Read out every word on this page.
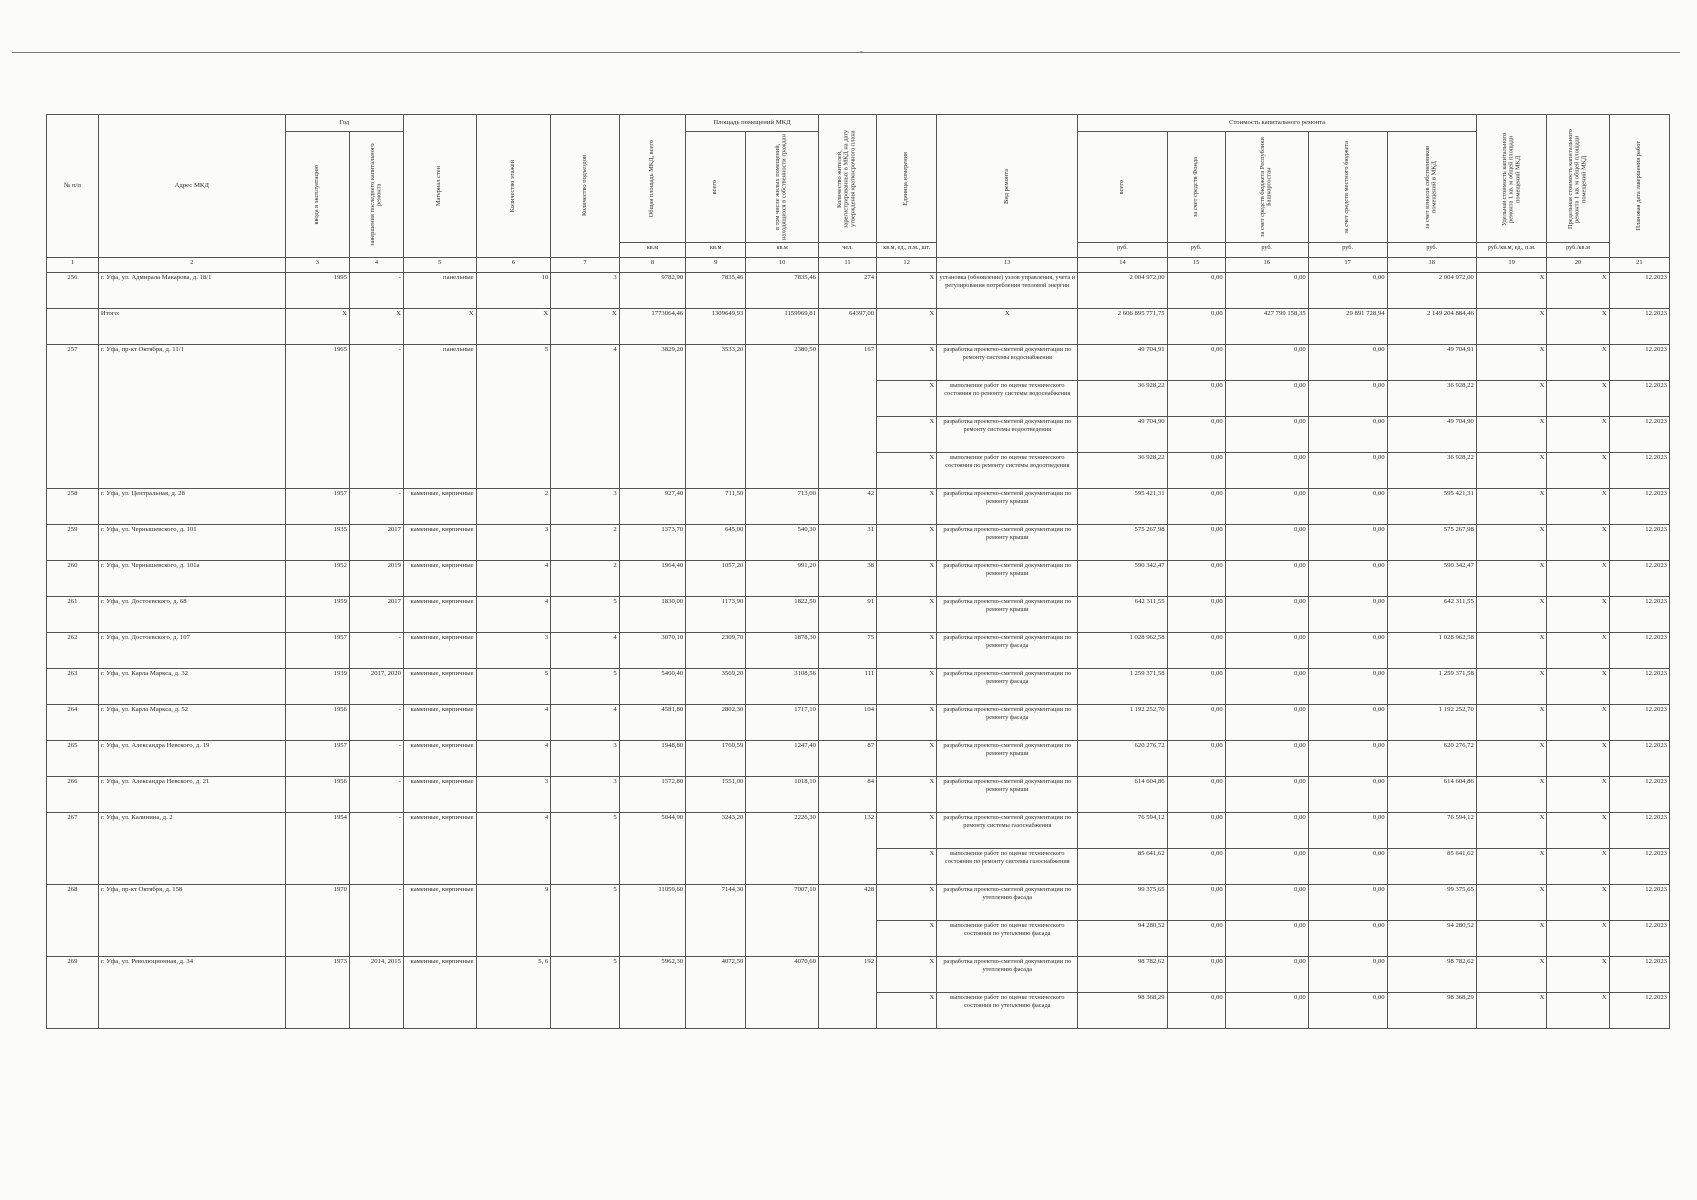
-
№ п/п	Адрес МКД	Год		Материал стен	Количество этажей	Количество подъездов	Общая площадь МКД, всего	Площадь помещений МКД		Количество жителей, зарегистрированных в МКД на дату утверждения краткосрочного плана	Единица измерения	Вид ремонта	Стоимость капитального ремонта					Удельная стоимость капитального ремонта 1 кв. м общей площади помещений МКД	Предельная стоимость капитального ремонта 1 кв. м общей площади помещений МКД	Плановая дата завершения работ

		ввода в эксплуатацию	завершения последнего капитального ремонта					всего	в том числе жилых помещений, находящихся в собственности граждан				всего	за счет средств Фонда	за счет средств бюджета Республики Башкортостан	за счет средств местного бюджета	за счет взносов собственников помещений в МКД			

							кв.м	кв.м	кв.м	чел.	кв.м, ед., п.м., шт.		руб.	руб.	руб.	руб.	руб.	руб./кв.м, ед., п.м.	руб./кв.м	
1	2	3	4	5	6	7	8	9	10	11	12	13	14	15	16	17	18	19	20	21
256	г. Уфа, ул. Адмирала Макарова, д. 18/1	1995	-	панельные	10	3	9782,90	7835,46	7835,46	274	X	установка (обновление) узлов управления, учета и регулирования потребления тепловой энергии	2 004 972,00	0,00	0,00	0,00	2 004 972,00	X	X	12.2023
	Итого:	X	X	X	X	X	1773064,46	1309649,93	1159969,81	64397,00	X	X	2 606 895 771,75	0,00	427 799 158,35	29 891 728,94	2 149 204 884,46	X	X	12.2023
257	г. Уфа, пр-кт Октября, д. 11/1	1965	-	панельные	5	4	3829,20	3533,20	2380,50	167	X	разработка проектно-сметной документации по ремонту системы водоснабжения	49 704,91	0,00	0,00	0,00	49 704,91	X	X	12.2023
											X	выполнение работ по оценке технического состояния по ремонту системы водоснабжения	36 928,22	0,00	0,00	0,00	36 928,22	X	X	12.2023
											X	разработка проектно-сметной документации по ремонту системы водоотведения	49 704,90	0,00	0,00	0,00	49 704,90	X	X	12.2023
											X	выполнение работ по оценке технического состояния по ремонту системы водоотведения	36 928,22	0,00	0,00	0,00	36 928,22	X	X	12.2023
258	г. Уфа, ул. Центральная, д. 28	1957	-	каменные, кирпичные	2	3	927,40	711,50	713,00	42	X	разработка проектно-сметной документации по ремонту крыши	595 421,31	0,00	0,00	0,00	595 421,31	X	X	12.2023
259	г. Уфа, ул. Чернышевского, д. 101	1935	2017	каменные, кирпичные	3	2	1373,70	645,00	540,30	31	X	разработка проектно-сметной документации по ремонту крыши	575 267,98	0,00	0,00	0,00	575 267,98	X	X	12.2023
260	г. Уфа, ул. Чернышевского, д. 101а	1952	2019	каменные, кирпичные	4	2	1964,40	1057,20	991,20	38	X	разработка проектно-сметной документации по ремонту крыши	590 342,47	0,00	0,00	0,00	590 342,47	X	X	12.2023
261	г. Уфа, ул. Достоевского, д. 68	1959	2017	каменные, кирпичные	4	5	1830,00	1173,90	1822,50	91	X	разработка проектно-сметной документации по ремонту крыши	642 311,55	0,00	0,00	0,00	642 311,55	X	X	12.2023
262	г. Уфа, ул. Достоевского, д. 107	1957	-	каменные, кирпичные	3	4	3070,10	2309,70	1878,30	75	X	разработка проектно-сметной документации по ремонту фасада	1 028 962,58	0,00	0,00	0,00	1 028 962,58	X	X	12.2023
263	г. Уфа, ул. Карла Маркса, д. 32	1939	2017, 2020	каменные, кирпичные	5	5	5460,40	3569,20	3108,56	111	X	разработка проектно-сметной документации по ремонту фасада	1 259 371,58	0,00	0,00	0,00	1 259 371,58	X	X	12.2023
264	г. Уфа, ул. Карла Маркса, д. 52	1956	-	каменные, кирпичные	4	4	4581,80	2802,30	1717,10	104	X	разработка проектно-сметной документации по ремонту фасада	1 192 252,70	0,00	0,00	0,00	1 192 252,70	X	X	12.2023
265	г. Уфа, ул. Александра Невского, д. 19	1957	-	каменные, кирпичные	4	3	1948,80	1760,59	1247,40	87	X	разработка проектно-сметной документации по ремонту крыши	620 276,72	0,00	0,00	0,00	620 276,72	X	X	12.2023
266	г. Уфа, ул. Александра Невского, д. 21	1956	-	каменные, кирпичные	3	3	1572,80	1551,00	1018,10	84	X	разработка проектно-сметной документации по ремонту крыши	614 604,86	0,00	0,00	0,00	614 604,86	X	X	12.2023
267	г. Уфа, ул. Калинина, д. 2	1954	-	каменные, кирпичные	4	5	5044,90	3243,20	2226,30	132	X	разработка проектно-сметной документации по ремонту системы газоснабжения	76 594,12	0,00	0,00	0,00	76 594,12	X	X	12.2023
											X	выполнение работ по оценке технического состояния по ремонту системы газоснабжения	85 641,62	0,00	0,00	0,00	85 641,62	X	X	12.2023
268	г. Уфа, пр-кт Октября, д. 158	1970	-	каменные, кирпичные	9	5	11059,60	7144,30	7007,10	428	X	разработка проектно-сметной документации по утеплению фасада	99 375,65	0,00	0,00	0,00	99 375,65	X	X	12.2023
											X	выполнение работ по оценке технического состояния по утеплению фасада	94 280,52	0,00	0,00	0,00	94 280,52	X	X	12.2023
269	г. Уфа, ул. Революционная, д. 34	1973	2014, 2015	каменные, кирпичные	5, 6	5	5962,30	4072,50	4070,60	192	X	разработка проектно-сметной документации по утеплению фасада	98 782,62	0,00	0,00	0,00	98 782,62	X	X	12.2023
											X	выполнение работ по оценке технического состояния по утеплению фасада	98 368,29	0,00	0,00	0,00	98 368,29	X	X	12.2023
